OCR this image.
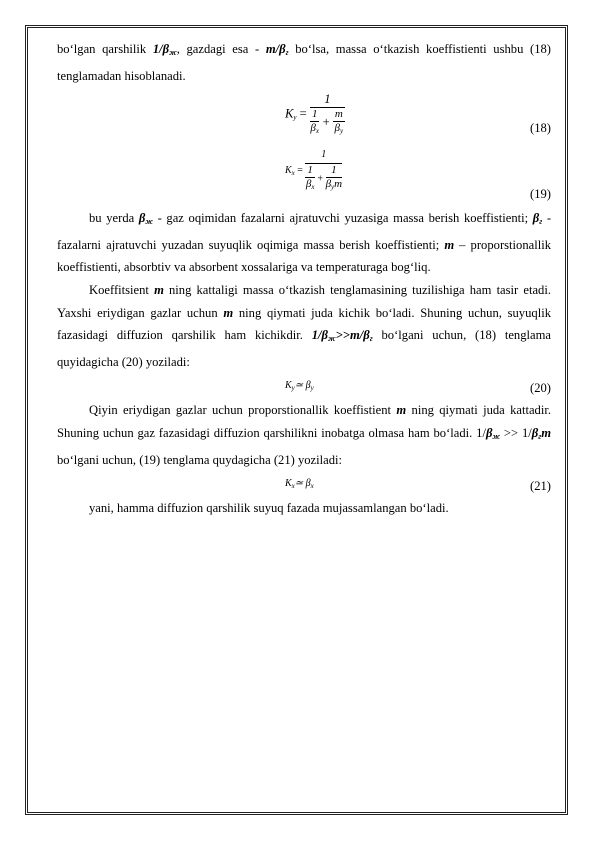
bo‘lgan qarshilik $1/\beta_ж$, gazdagi esa - $m/\beta_г$ bo‘lsa, massa o‘tkazish koeffistienti ushbu (18) tenglamadan hisoblanadi.

$Ky = \frac{1}{\frac{1}{\beta x} + \frac{m}{\beta y}}$	(18)
$K_x = \frac{1}{\frac{1}{\beta x} + \frac{1}{\text{βym}}}$	(19)

bu yerda $\beta_ж$ - gaz oqimidan fazalarni ajratuvchi yuzasiga massa berish koeffistienti; $\beta_г$ - fazalarni ajratuvchi yuzadan suyuqlik oqimiga massa berish koeffistienti; m – proporstionallik koeffistienti, absorbtiv va absorbent xossalariga va temperaturaga bog‘liq.

Koeffitsient m ning kattaligi massa o‘tkazish tenglamasining tuzilishiga ham tasir etadi. Yaxshi eriydigan gazlar uchun m ning qiymati juda kichik bo‘ladi. Shuning uchun, suyuqlik fazasidagi diffuzion qarshilik ham kichikdir. $1/\beta_ж>>m/\beta_г$ bo‘lgani uchun, (18) tenglama quyidagicha (20) yoziladi:

$K_y≃$ $\beta_y$	(20)

Qiyin eriydigan gazlar uchun proporstionallik koeffistient m ning qiymati juda kattadir. Shuning uchun gaz fazasidagi diffuzion qarshilikni inobatga olmasa ham bo‘ladi. $1/\beta_ж >> 1/\beta_гm$ bo‘lgani uchun, (19) tenglama quydagicha (21) yoziladi:

$K_x≃$ $\beta_x$	(21)

yani, hamma diffuzion qarshilik suyuq fazada mujassamlangan bo‘ladi.
